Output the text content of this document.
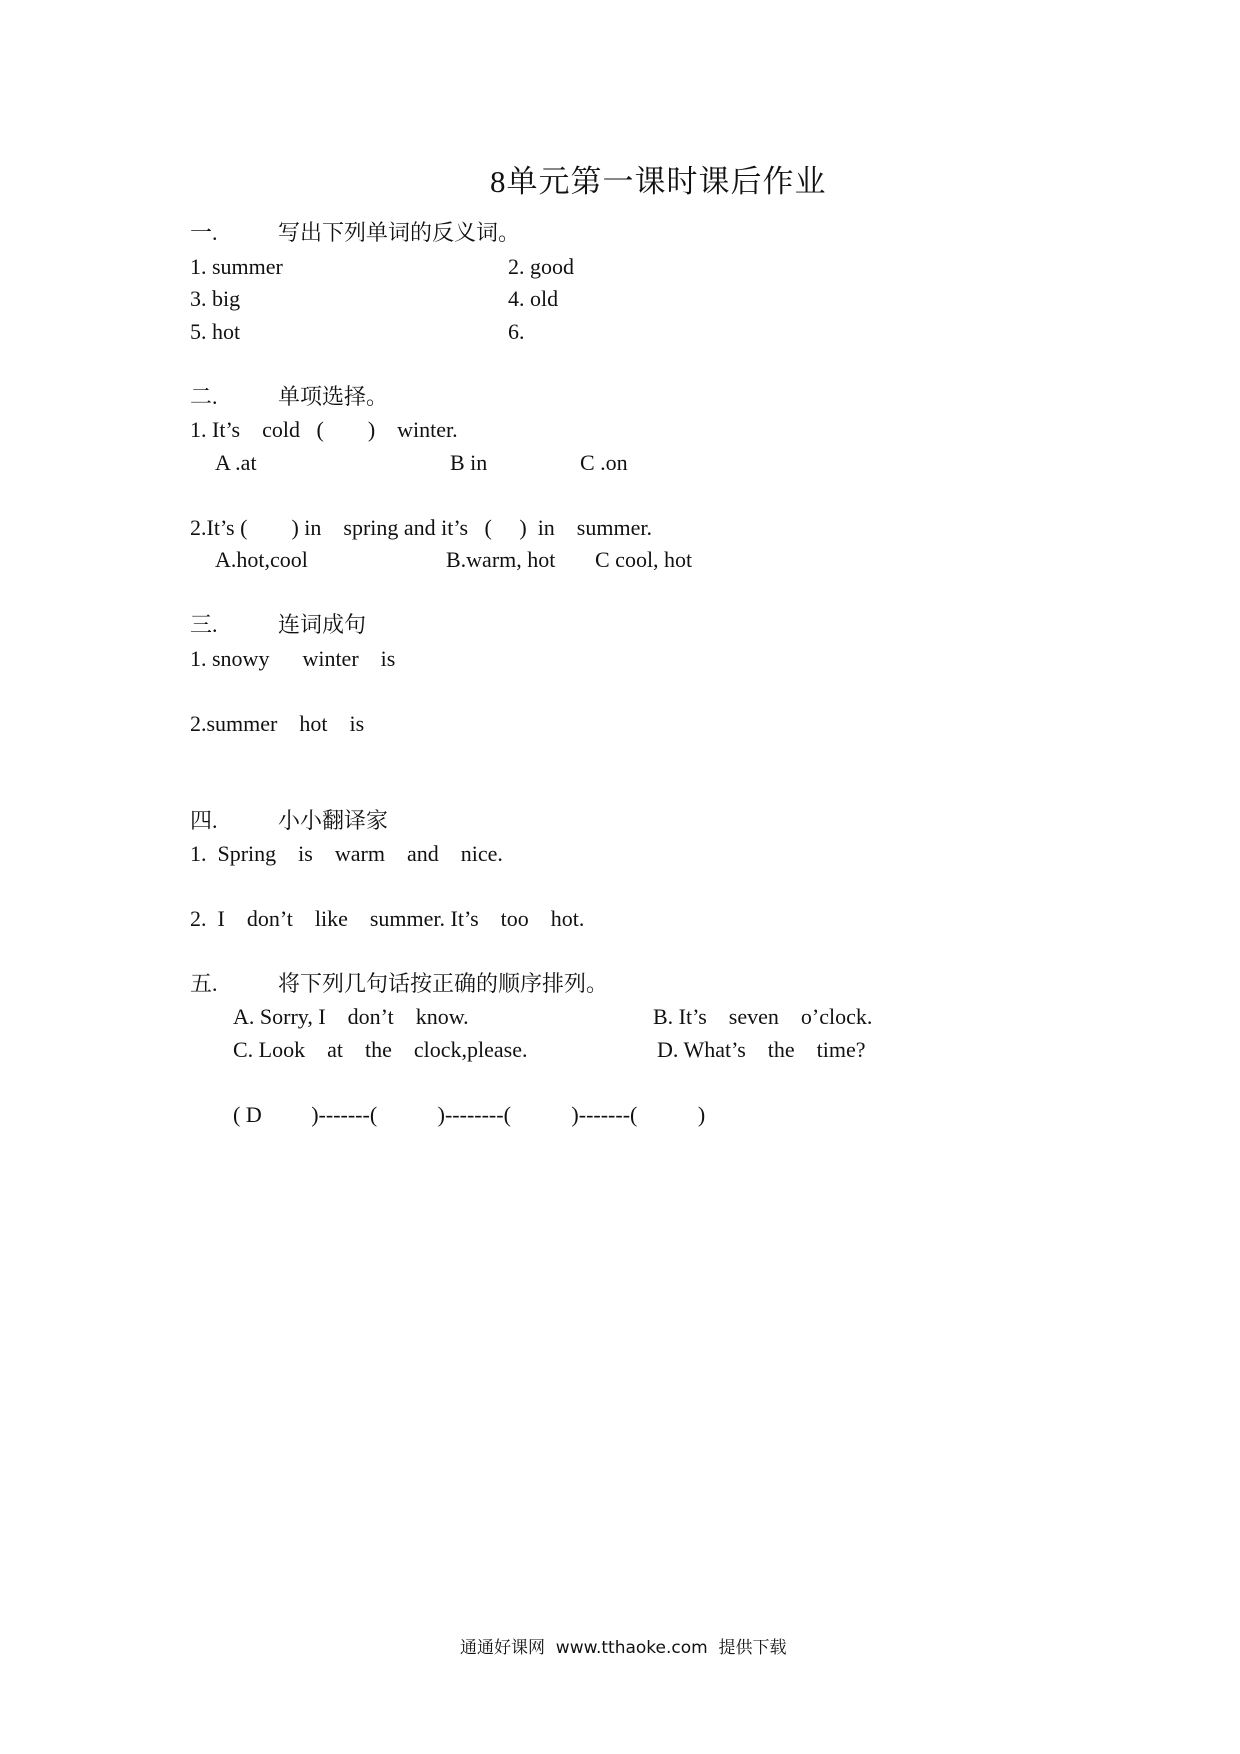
8单元第一课时课后作业
一.	写出下列单词的反义词。
1. summer	2. good
3. big	4. old
5. hot	6.
二.	单项选择。
1. It’s    cold   (        )    winter.
A .at	B in	C .on
2.It’s (        ) in    spring and it’s   (     )  in    summer.
A.hot,cool	B.warm, hot C cool, hot
三.	连词成句
1. snowy      winter    is
2.summer    hot    is
四.	小小翻译家
1.  Spring    is    warm    and    nice.
2.  I    don’t    like    summer. It’s    too    hot.
五.	将下列几句话按正确的顺序排列。
A. Sorry, I    don’t    know.	B. It’s    seven    o’clock.
C. Look    at    the    clock,please.	D. What’s    the    time?
( D         )-------(           )--------(           )-------(           )
通通好课网  www.tthaoke.com  提供下载
